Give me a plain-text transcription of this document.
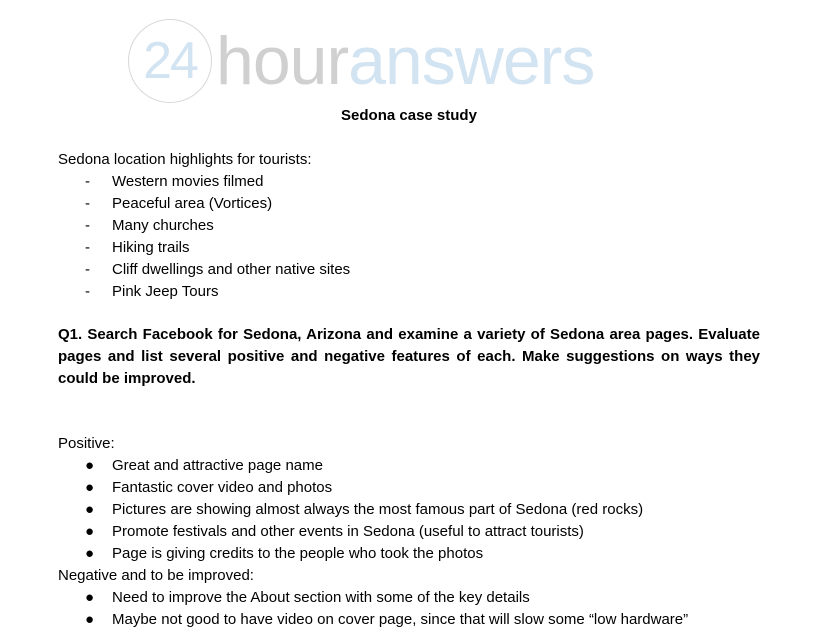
24 houranswers
Sedona case study
Sedona location highlights for tourists:
-	Western movies filmed
-	Peaceful area (Vortices)
-	Many churches
-	Hiking trails
-	Cliff dwellings and other native sites
-	Pink Jeep Tours
Q1. Search Facebook for Sedona, Arizona and examine a variety of Sedona area pages. Evaluate pages and list several positive and negative features of each. Make suggestions on ways they could be improved.
Positive:
●	Great and attractive page name
●	Fantastic cover video and photos
●	Pictures are showing almost always the most famous part of Sedona (red rocks)
●	Promote festivals and other events in Sedona (useful to attract tourists)
●	Page is giving credits to the people who took the photos
Negative and to be improved:
●	Need to improve the About section with some of the key details
●	Maybe not good to have video on cover page, since that will slow some “low hardware”
